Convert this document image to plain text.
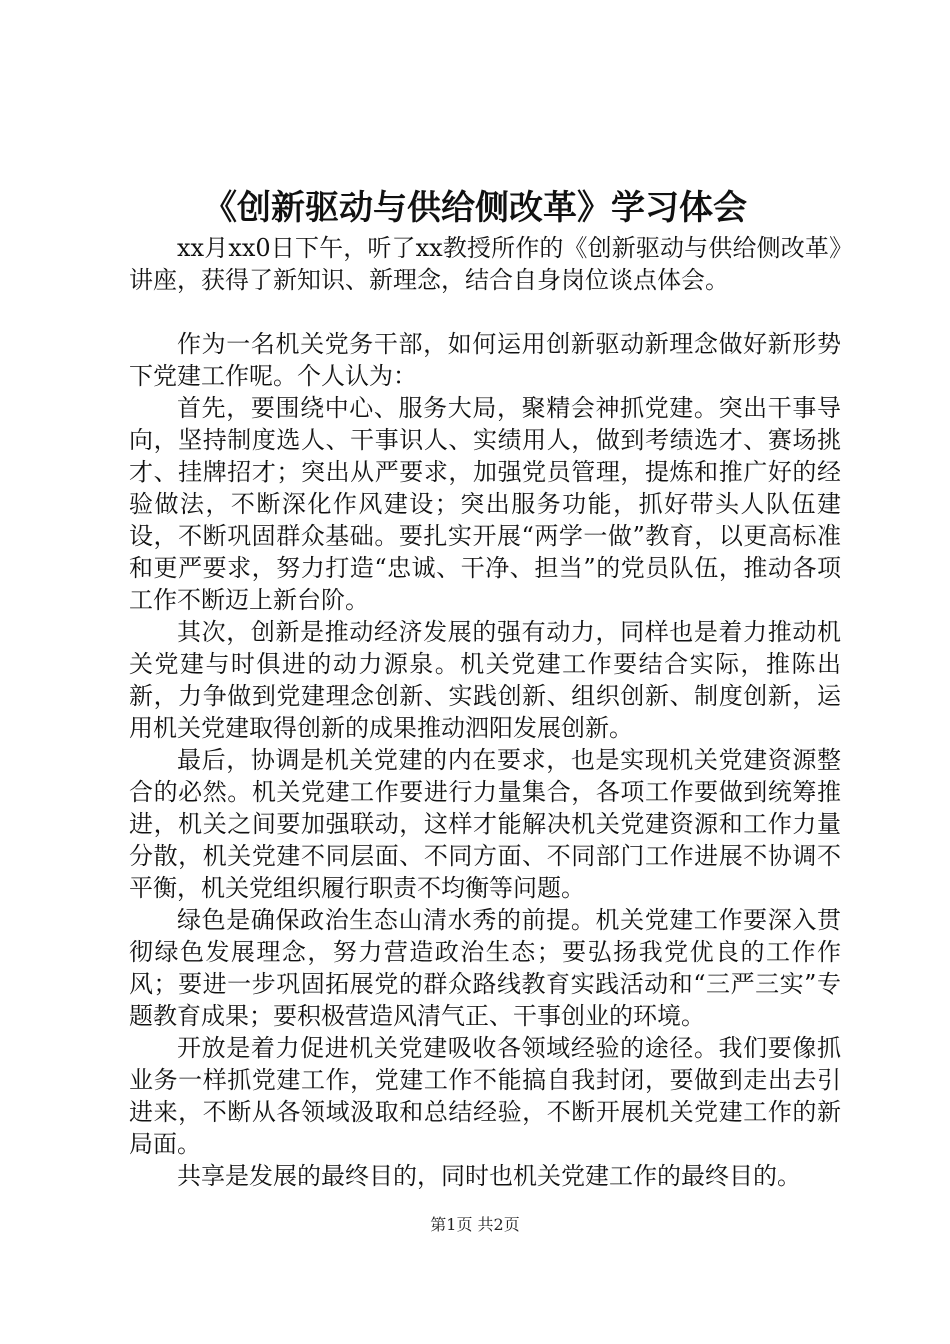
《创新驱动与供给侧改革》学习体会

xx月xx0日下午，听了xx教授所作的《创新驱动与供给侧改革》讲座，获得了新知识、新理念，结合自身岗位谈点体会。

作为一名机关党务干部，如何运用创新驱动新理念做好新形势下党建工作呢。个人认为：

首先，要围绕中心、服务大局，聚精会神抓党建。突出干事导向，坚持制度选人、干事识人、实绩用人，做到考绩选才、赛场挑才、挂牌招才；突出从严要求，加强党员管理，提炼和推广好的经验做法，不断深化作风建设；突出服务功能，抓好带头人队伍建设，不断巩固群众基础。要扎实开展“两学一做”教育，以更高标准和更严要求，努力打造“忠诚、干净、担当”的党员队伍，推动各项工作不断迈上新台阶。

其次，创新是推动经济发展的强有动力，同样也是着力推动机关党建与时俱进的动力源泉。机关党建工作要结合实际，推陈出新，力争做到党建理念创新、实践创新、组织创新、制度创新，运用机关党建取得创新的成果推动泗阳发展创新。

最后，协调是机关党建的内在要求，也是实现机关党建资源整合的必然。机关党建工作要进行力量集合，各项工作要做到统筹推进，机关之间要加强联动，这样才能解决机关党建资源和工作力量分散，机关党建不同层面、不同方面、不同部门工作进展不协调不平衡，机关党组织履行职责不均衡等问题。

绿色是确保政治生态山清水秀的前提。机关党建工作要深入贯彻绿色发展理念，努力营造政治生态；要弘扬我党优良的工作作风；要进一步巩固拓展党的群众路线教育实践活动和“三严三实”专题教育成果；要积极营造风清气正、干事创业的环境。

开放是着力促进机关党建吸收各领域经验的途径。我们要像抓业务一样抓党建工作，党建工作不能搞自我封闭，要做到走出去引进来，不断从各领域汲取和总结经验，不断开展机关党建工作的新局面。

共享是发展的最终目的，同时也机关党建工作的最终目的。

第1页 共2页
